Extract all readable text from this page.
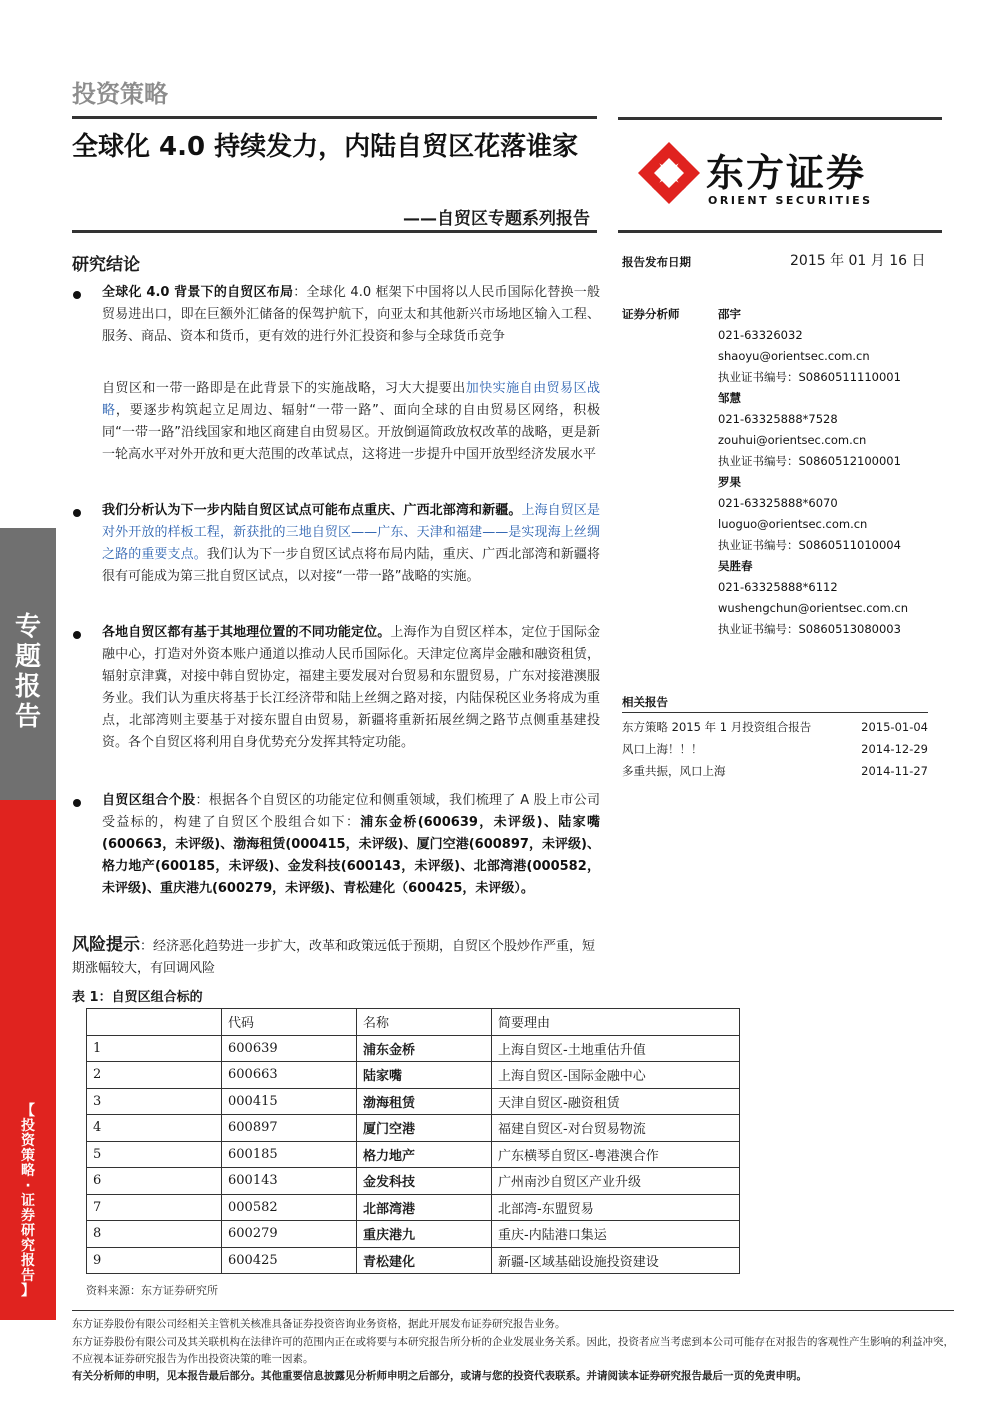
专
题
报
告
【
投
资
策
略
·
证
券
研
究
报
告
】
投资策略
全球化 4.0 持续发力，内陆自贸区花落谁家
——自贸区专题系列报告
东方证券
ORIENT SECURITIES
报告发布日期	2015 年 01 月 16 日
证券分析师	邵宇
021-63326032
shaoyu@orientsec.com.cn
执业证书编号：S0860511110001
邹慧
021-63325888*7528
zouhui@orientsec.com.cn
执业证书编号：S0860512100001
罗果
021-63325888*6070
luoguo@orientsec.com.cn
执业证书编号：S0860511010004
吴胜春
021-63325888*6112
wushengchun@orientsec.com.cn
执业证书编号：S0860513080003
相关报告
东方策略 2015 年 1 月投资组合报告	2015-01-04
风口上海！！！	2014-12-29
多重共振，风口上海	2014-11-27
研究结论
全球化 4.0 背景下的自贸区布局：全球化 4.0 框架下中国将以人民币国际化替换一般贸易进出口，即在巨额外汇储备的保驾护航下，向亚太和其他新兴市场地区输入工程、服务、商品、资本和货币，更有效的进行外汇投资和参与全球货币竞争
自贸区和一带一路即是在此背景下的实施战略，习大大提要出加快实施自由贸易区战略，要逐步构筑起立足周边、辐射“一带一路”、面向全球的自由贸易区网络，积极同“一带一路”沿线国家和地区商建自由贸易区。开放倒逼简政放权改革的战略，更是新一轮高水平对外开放和更大范围的改革试点，这将进一步提升中国开放型经济发展水平
我们分析认为下一步内陆自贸区试点可能布点重庆、广西北部湾和新疆。上海自贸区是对外开放的样板工程，新获批的三地自贸区——广东、天津和福建——是实现海上丝绸之路的重要支点。我们认为下一步自贸区试点将布局内陆，重庆、广西北部湾和新疆将很有可能成为第三批自贸区试点，以对接“一带一路”战略的实施。
各地自贸区都有基于其地理位置的不同功能定位。上海作为自贸区样本，定位于国际金融中心，打造对外资本账户通道以推动人民币国际化。天津定位离岸金融和融资租赁，辐射京津冀，对接中韩自贸协定，福建主要发展对台贸易和东盟贸易，广东对接港澳服务业。我们认为重庆将基于长江经济带和陆上丝绸之路对接，内陆保税区业务将成为重点，北部湾则主要基于对接东盟自由贸易，新疆将重新拓展丝绸之路节点侧重基建投资。各个自贸区将利用自身优势充分发挥其特定功能。
自贸区组合个股：根据各个自贸区的功能定位和侧重领域，我们梳理了 A 股上市公司受益标的，构建了自贸区个股组合如下：浦东金桥(600639，未评级)、陆家嘴(600663，未评级)、渤海租赁(000415，未评级)、厦门空港(600897，未评级)、格力地产(600185，未评级)、金发科技(600143，未评级)、北部湾港(000582，未评级)、重庆港九(600279，未评级)、青松建化（600425，未评级）。
风险提示：经济恶化趋势进一步扩大，改革和政策远低于预期，自贸区个股炒作严重，短期涨幅较大，有回调风险
表 1：自贸区组合标的
	代码	名称	简要理由
1	600639	浦东金桥	上海自贸区-土地重估升值
2	600663	陆家嘴	上海自贸区-国际金融中心
3	000415	渤海租赁	天津自贸区-融资租赁
4	600897	厦门空港	福建自贸区-对台贸易物流
5	600185	格力地产	广东横琴自贸区-粤港澳合作
6	600143	金发科技	广州南沙自贸区产业升级
7	000582	北部湾港	北部湾-东盟贸易
8	600279	重庆港九	重庆-内陆港口集运
9	600425	青松建化	新疆-区域基础设施投资建设
资料来源：东方证券研究所
东方证券股份有限公司经相关主管机关核准具备证券投资咨询业务资格，据此开展发布证券研究报告业务。
东方证券股份有限公司及其关联机构在法律许可的范围内正在或将要与本研究报告所分析的企业发展业务关系。因此，投资者应当考虑到本公司可能存在对报告的客观性产生影响的利益冲突，不应视本证券研究报告为作出投资决策的唯一因素。
有关分析师的申明，见本报告最后部分。其他重要信息披露见分析师申明之后部分，或请与您的投资代表联系。并请阅读本证券研究报告最后一页的免责申明。
